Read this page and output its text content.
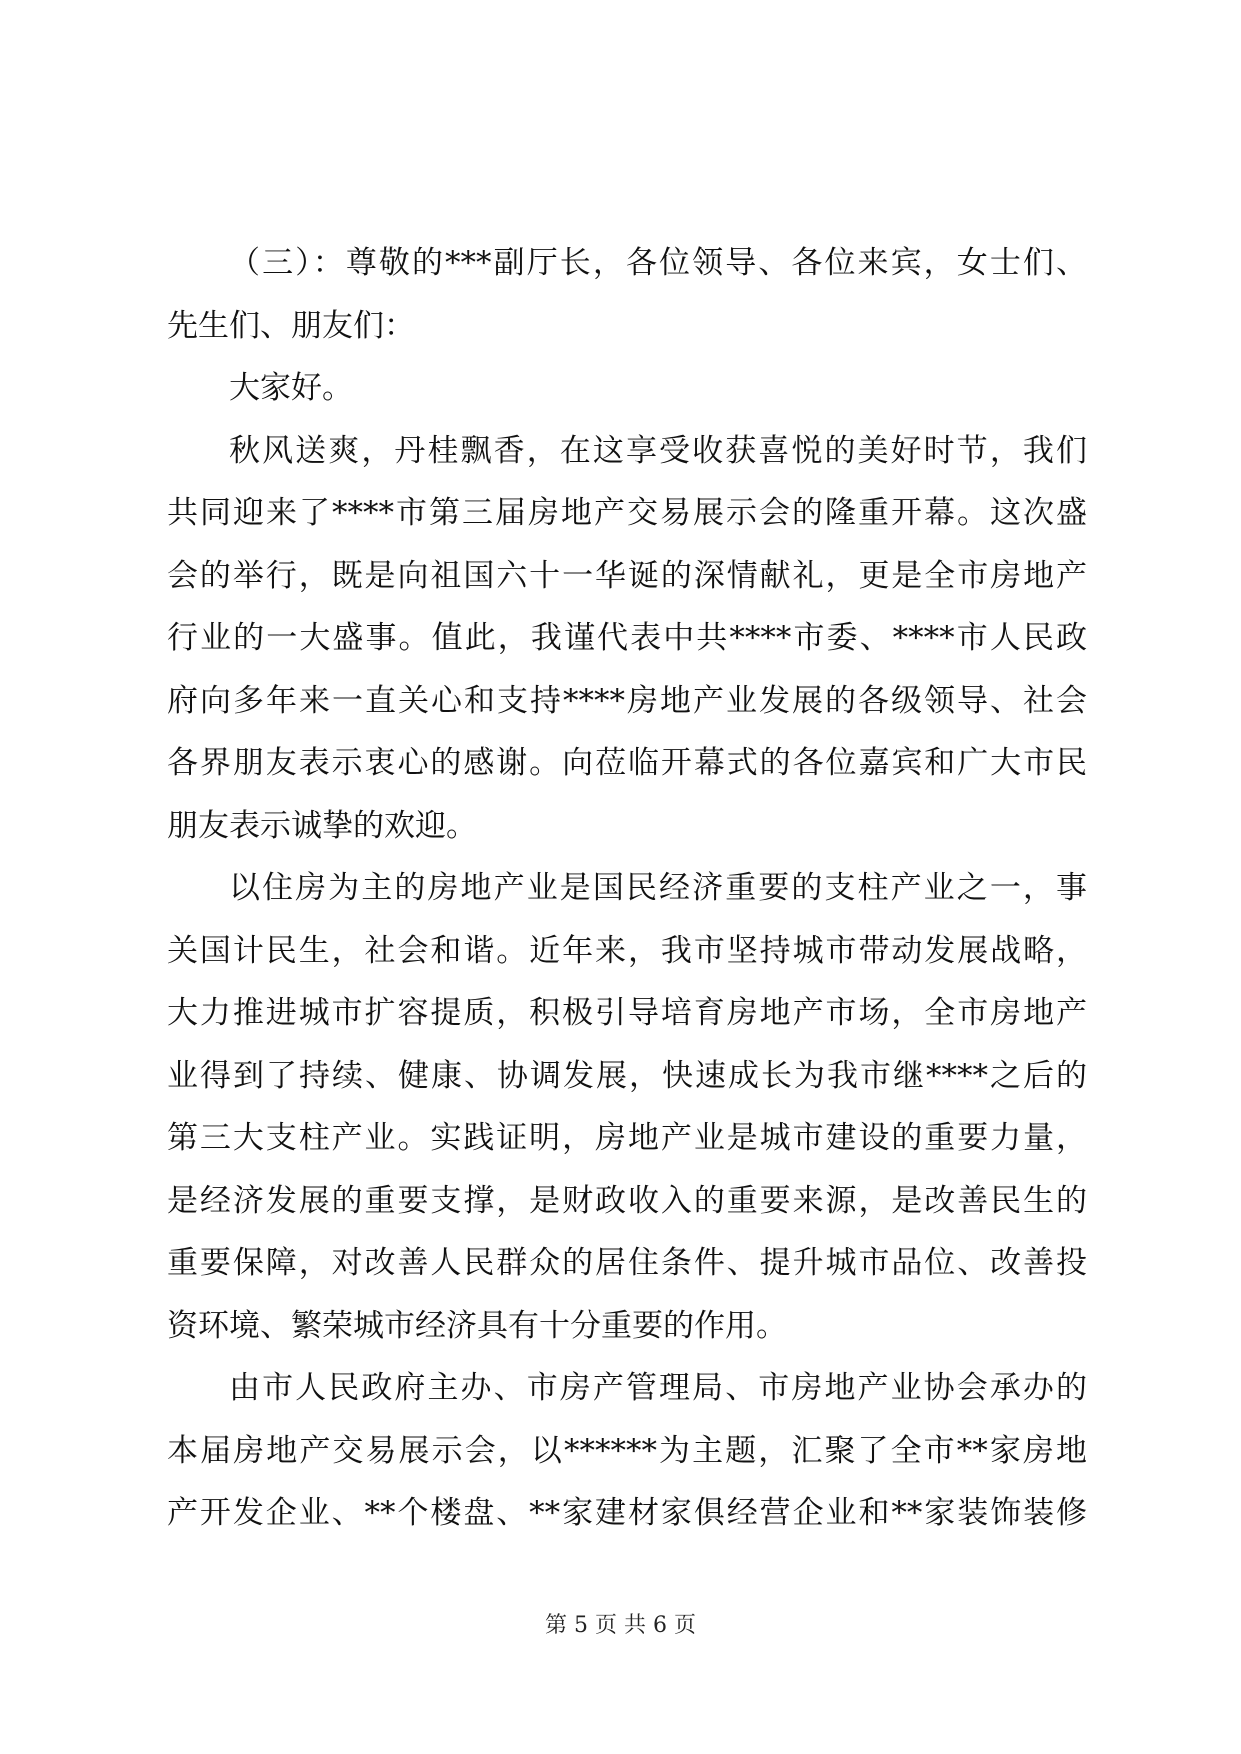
（三）：尊敬的***副厅长，各位领导、各位来宾，女士们、
先生们、朋友们：
大家好。
秋风送爽，丹桂飘香，在这享受收获喜悦的美好时节，我们
共同迎来了****市第三届房地产交易展示会的隆重开幕。这次盛
会的举行，既是向祖国六十一华诞的深情献礼，更是全市房地产
行业的一大盛事。值此，我谨代表中共****市委、****市人民政
府向多年来一直关心和支持****房地产业发展的各级领导、社会
各界朋友表示衷心的感谢。向莅临开幕式的各位嘉宾和广大市民
朋友表示诚挚的欢迎。
以住房为主的房地产业是国民经济重要的支柱产业之一，事
关国计民生，社会和谐。近年来，我市坚持城市带动发展战略，
大力推进城市扩容提质，积极引导培育房地产市场，全市房地产
业得到了持续、健康、协调发展，快速成长为我市继****之后的
第三大支柱产业。实践证明，房地产业是城市建设的重要力量，
是经济发展的重要支撑，是财政收入的重要来源，是改善民生的
重要保障，对改善人民群众的居住条件、提升城市品位、改善投
资环境、繁荣城市经济具有十分重要的作用。
由市人民政府主办、市房产管理局、市房地产业协会承办的
本届房地产交易展示会，以******为主题，汇聚了全市**家房地
产开发企业、**个楼盘、**家建材家俱经营企业和**家装饰装修
第 5 页 共 6 页
